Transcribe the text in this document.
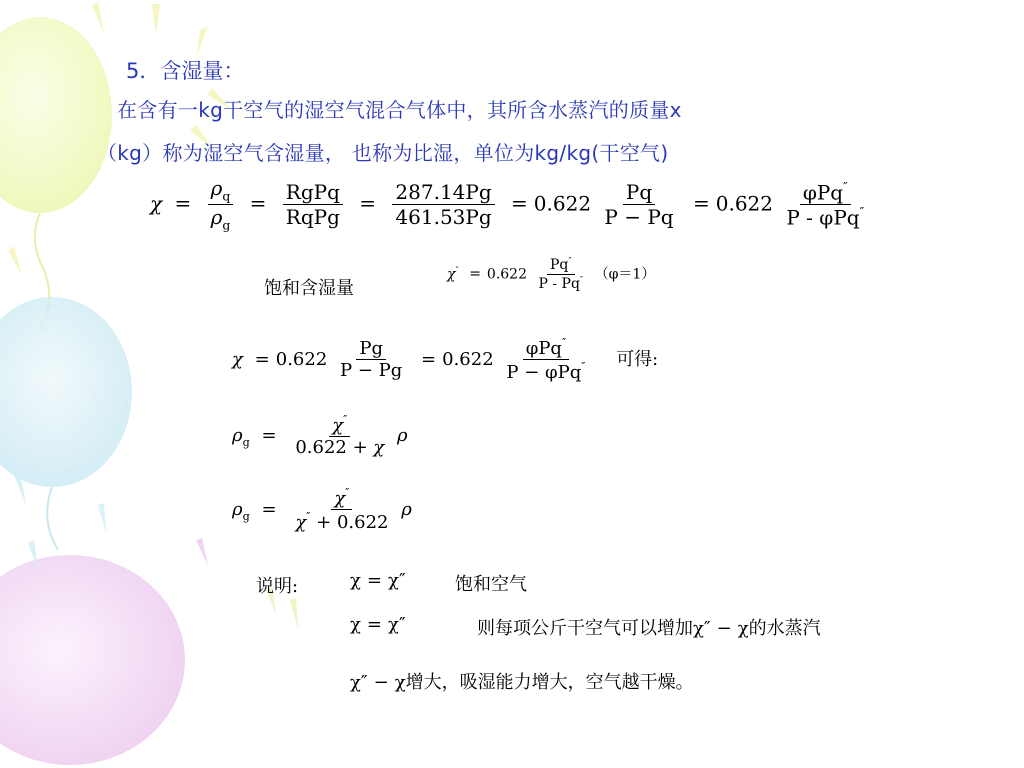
5．含湿量：
在含有一kg干空气的湿空气混合气体中，其所含水蒸汽的质量x
（kg）称为湿空气含湿量， 也称为比湿，单位为kg/kg(干空气)
$\chi = \frac{\rho_q}{\rho_g} = \frac{\text{RgPq}}{\text{RqPg}} = \frac{287.14Pg}{461.53Pg} = 0.622 \frac{Pq}{P - Pq} = 0.622 \frac{\varphi Pq''}{P - \varphi Pq''}$
饱和含湿量
$\chi'' = 0.622 \frac{Pq''}{P - Pq''} (\varphi=1)$
$\chi = 0.622 \frac{Pg}{P - Pg} = 0.622 \frac{\varphi Pq''}{P - \varphi Pq''}$ 可得:
$\rho_g = \frac{\chi''}{0.622 + \chi}$ ρ
$\rho_g = \frac{\chi''}{\chi'' + 0.622}$ ρ
说明:	χ = χ″	饱和空气
χ = χ″	则每项公斤干空气可以增加χ″ − χ的水蒸汽
χ″ − χ增大，吸湿能力增大，空气越干燥。
